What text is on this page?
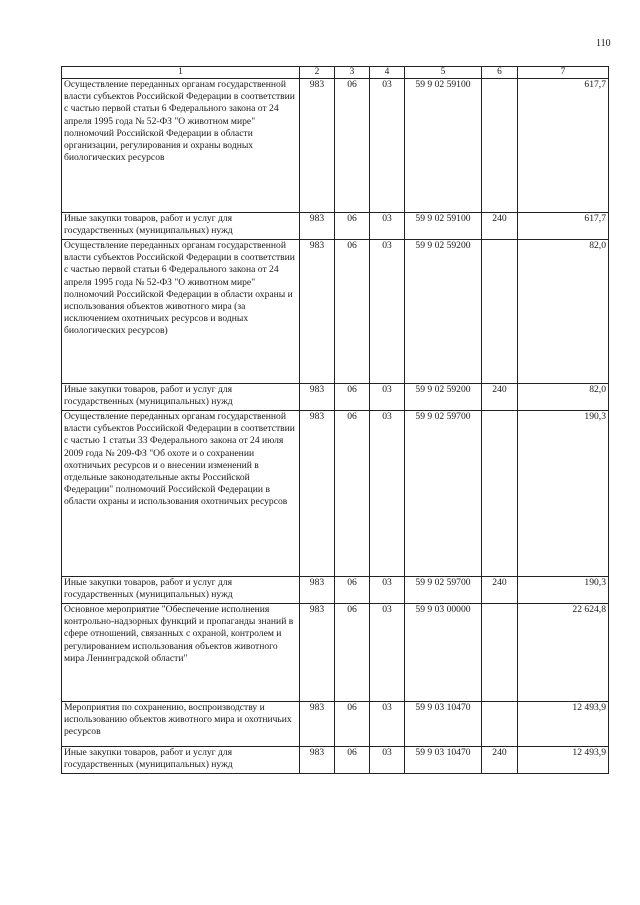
110
1	2	3	4	5	6	7
Осуществление переданных органам государственной власти субъектов Российской Федерации в соответствии с частью первой статьи 6 Федерального закона от 24 апреля 1995 года № 52-ФЗ "О животном мире" полномочий Российской Федерации в области организации, регулирования и охраны водных биологических ресурсов	983	06	03	59 9 02 59100		617,7
Иные закупки товаров, работ и услуг для государственных (муниципальных) нужд	983	06	03	59 9 02 59100	240	617,7
Осуществление переданных органам государственной власти субъектов Российской Федерации в соответствии с частью первой статьи 6 Федерального закона от 24 апреля 1995 года № 52-ФЗ "О животном мире" полномочий Российской Федерации в области охраны и использования объектов животного мира (за исключением охотничьих ресурсов и водных биологических ресурсов)	983	06	03	59 9 02 59200		82,0
Иные закупки товаров, работ и услуг для государственных (муниципальных) нужд	983	06	03	59 9 02 59200	240	82,0
Осуществление переданных органам государственной власти субъектов Российской Федерации в соответствии с частью 1 статьи 33 Федерального закона от 24 июля 2009 года № 209-ФЗ "Об охоте и о сохранении охотничьих ресурсов и о внесении изменений в отдельные законодательные акты Российской Федерации" полномочий Российской Федерации в области охраны и использования охотничьих ресурсов	983	06	03	59 9 02 59700		190,3
Иные закупки товаров, работ и услуг для государственных (муниципальных) нужд	983	06	03	59 9 02 59700	240	190,3
Основное мероприятие "Обеспечение исполнения контрольно-надзорных функций и пропаганды знаний в сфере отношений, связанных с охраной, контролем и регулированием использования объектов животного мира Ленинградской области"	983	06	03	59 9 03 00000		22 624,8
Мероприятия по сохранению, воспроизводству и использованию объектов животного мира и охотничьих ресурсов	983	06	03	59 9 03 10470		12 493,9
Иные закупки товаров, работ и услуг для государственных (муниципальных) нужд	983	06	03	59 9 03 10470	240	12 493,9
